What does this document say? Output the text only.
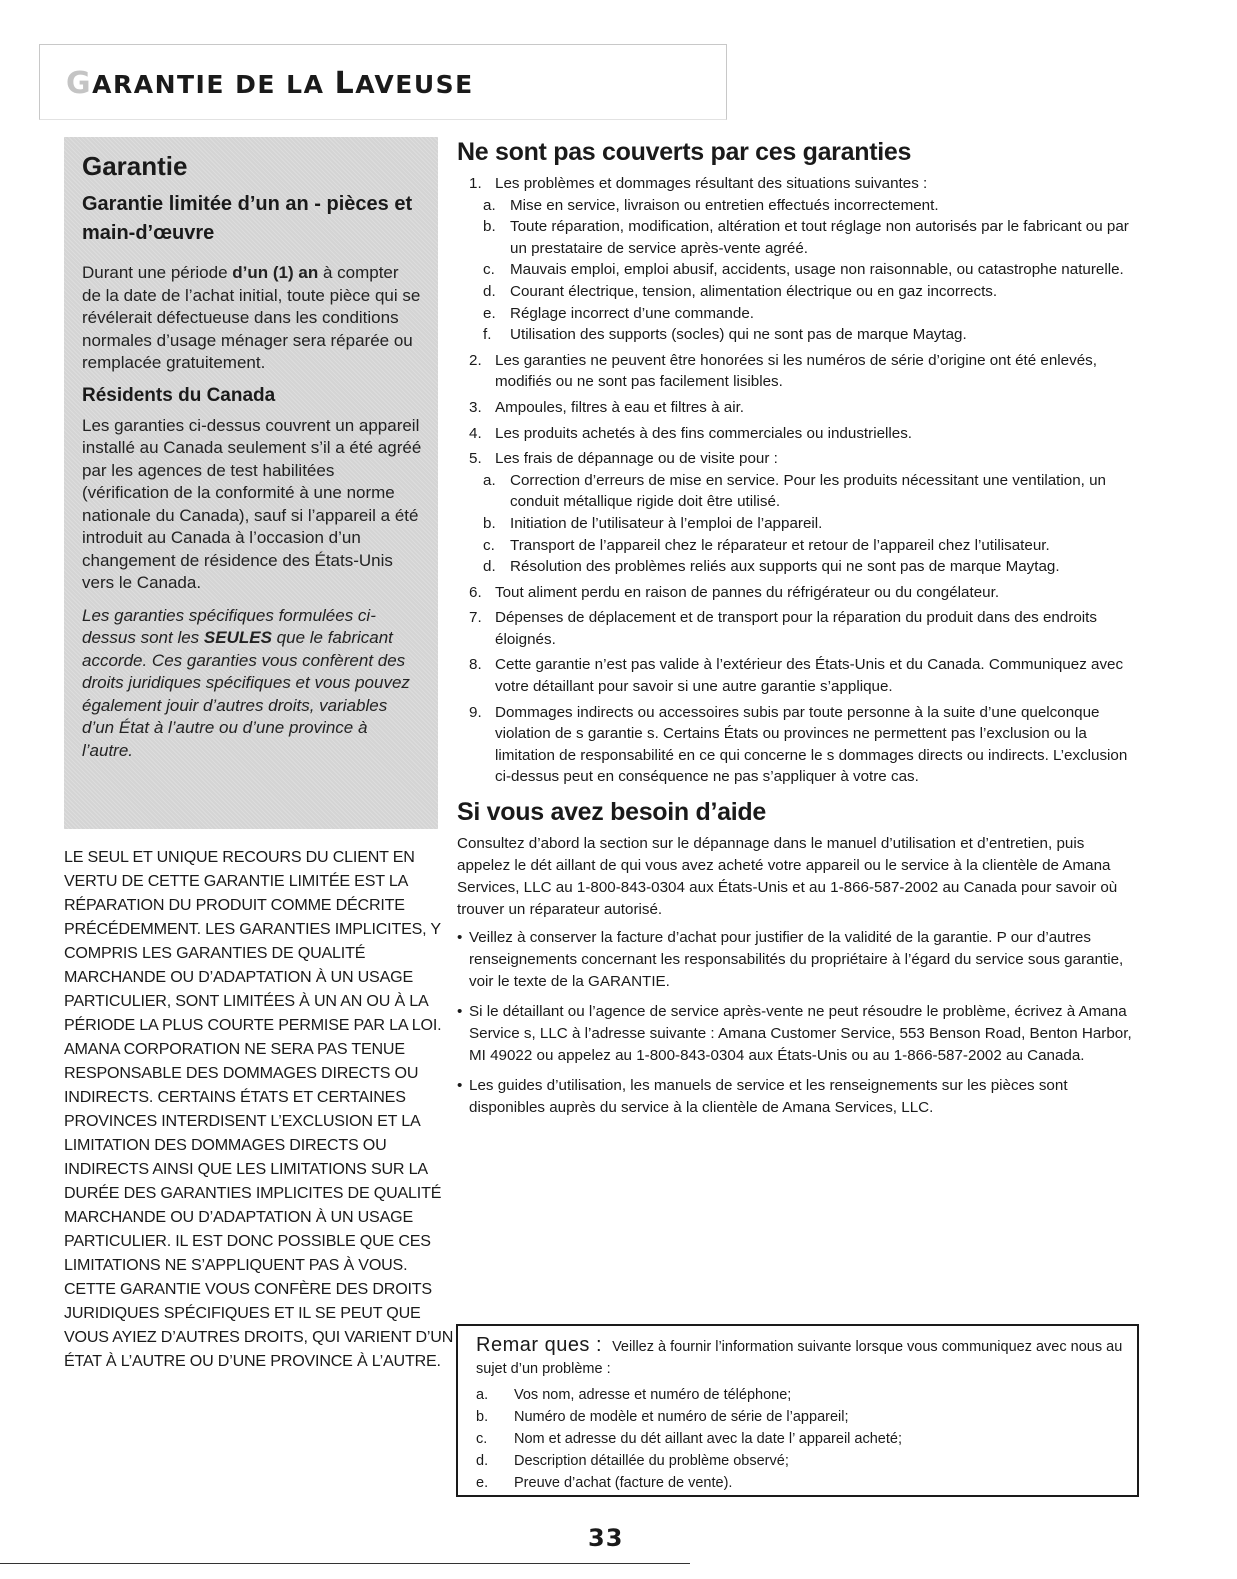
GARANTIE DE LA LAVEUSE
Garantie
Garantie limitée d’un an - pièces et main-d’œuvre

Durant une période d’un (1) an à compter de la date de l’achat initial, toute pièce qui se révélerait défectueuse dans les conditions normales d’usage ménager sera réparée ou remplacée gratuitement.

Résidents du Canada

Les garanties ci-dessus couvrent un appareil installé au Canada seulement s’il a été agréé par les agences de test habilitées (vérification de la conformité à une norme nationale du Canada), sauf si l’appareil a été introduit au Canada à l’occasion d’un changement de résidence des États-Unis vers le Canada.

Les garanties spécifiques formulées ci-dessus sont les SEULES que le fabricant accorde. Ces garanties vous confèrent des droits juridiques spécifiques et vous pouvez également jouir d’autres droits, variables d’un État à l’autre ou d’une province à l’autre.

LE SEUL ET UNIQUE RECOURS DU CLIENT EN VERTU DE CETTE GARANTIE LIMITÉE EST LA RÉPARATION DU PRODUIT COMME DÉCRITE PRÉCÉDEMMENT. LES GARANTIES IMPLICITES, Y COMPRIS LES GARANTIES DE QUALITÉ MARCHANDE OU D’ADAPTATION À UN USAGE PARTICULIER, SONT LIMITÉES À UN AN OU À LA PÉRIODE LA PLUS COURTE PERMISE PAR LA LOI. AMANA CORPORATION NE SERA PAS TENUE RESPONSABLE DES DOMMAGES DIRECTS OU INDIRECTS. CERTAINS ÉTATS ET CERTAINES PROVINCES INTERDISENT L’EXCLUSION ET LA LIMITATION DES DOMMAGES DIRECTS OU INDIRECTS AINSI QUE LES LIMITATIONS SUR LA DURÉE DES GARANTIES IMPLICITES DE QUALITÉ MARCHANDE OU D’ADAPTATION À UN USAGE PARTICULIER. IL EST DONC POSSIBLE QUE CES LIMITATIONS NE S’APPLIQUENT PAS À VOUS. CETTE GARANTIE VOUS CONFÈRE DES DROITS JURIDIQUES SPÉCIFIQUES ET IL SE PEUT QUE VOUS AYIEZ D’AUTRES DROITS, QUI VARIENT D’UN ÉTAT À L’AUTRE OU D’UNE PROVINCE À L’AUTRE.

Ne sont pas couverts par ces garanties
1. Les problèmes et dommages résultant des situations suivantes :
a. Mise en service, livraison ou entretien effectués incorrectement.
b. Toute réparation, modification, altération et tout réglage non autorisés par le fabricant ou par un prestataire de service après-vente agréé.
c. Mauvais emploi, emploi abusif, accidents, usage non raisonnable, ou catastrophe naturelle.
d. Courant électrique, tension, alimentation électrique ou en gaz incorrects.
e. Réglage incorrect d’une commande.
f. Utilisation des supports (socles) qui ne sont pas de marque Maytag.
2. Les garanties ne peuvent être honorées si les numéros de série d’origine ont été enlevés, modifiés ou ne sont pas facilement lisibles.
3. Ampoules, filtres à eau et filtres à air.
4. Les produits achetés à des fins commerciales ou industrielles.
5. Les frais de dépannage ou de visite pour :
a. Correction d’erreurs de mise en service. Pour les produits nécessitant une ventilation, un conduit métallique rigide doit être utilisé.
b. Initiation de l’utilisateur à l’emploi de l’appareil.
c. Transport de l’appareil chez le réparateur et retour de l’appareil chez l’utilisateur.
d. Résolution des problèmes reliés aux supports qui ne sont pas de marque Maytag.
6. Tout aliment perdu en raison de pannes du réfrigérateur ou du congélateur.
7. Dépenses de déplacement et de transport pour la réparation du produit dans des endroits éloignés.
8. Cette garantie n’est pas valide à l’extérieur des États-Unis et du Canada. Communiquez avec votre détaillant pour savoir si une autre garantie s’applique.
9. Dommages indirects ou accessoires subis par toute personne à la suite d’une quelconque violation de s garantie s. Certains États ou provinces ne permettent pas l’exclusion ou la limitation de responsabilité en ce qui concerne le s dommages directs ou indirects. L’exclusion ci-dessus peut en conséquence ne pas s’appliquer à votre cas.
Si vous avez besoin d’aide

Consultez d’abord la section sur le dépannage dans le manuel d’utilisation et d’entretien, puis appelez le dét aillant de qui vous avez acheté votre appareil ou le service à la clientèle de Amana Services, LLC au 1-800-843-0304 aux États-Unis et au 1-866-587-2002 au Canada pour savoir où trouver un réparateur autorisé.

• Veillez à conserver la facture d’achat pour justifier de la validité de la garantie. P our d’autres renseignements concernant les responsabilités du propriétaire à l’égard du service sous garantie, voir le texte de la GARANTIE.
• Si le détaillant ou l’agence de service après-vente ne peut résoudre le problème, écrivez à Amana Service s, LLC à l’adresse suivante : Amana Customer Service, 553 Benson Road, Benton Harbor, MI 49022 ou appelez au 1-800-843-0304 aux États-Unis ou au 1-866-587-2002 au Canada.
• Les guides d’utilisation, les manuels de service et les renseignements sur les pièces sont disponibles auprès du service à la clientèle de Amana Services, LLC.

Remar ques : Veillez à fournir l’information suivante lorsque vous communiquez avec nous au sujet d’un problème :

a. Vos nom, adresse et numéro de téléphone;
b. Numéro de modèle et numéro de série de l’appareil;
c. Nom et adresse du dét aillant avec la date l’ appareil acheté;
d. Description détaillée du problème observé;
e. Preuve d’achat (facture de vente).
33
